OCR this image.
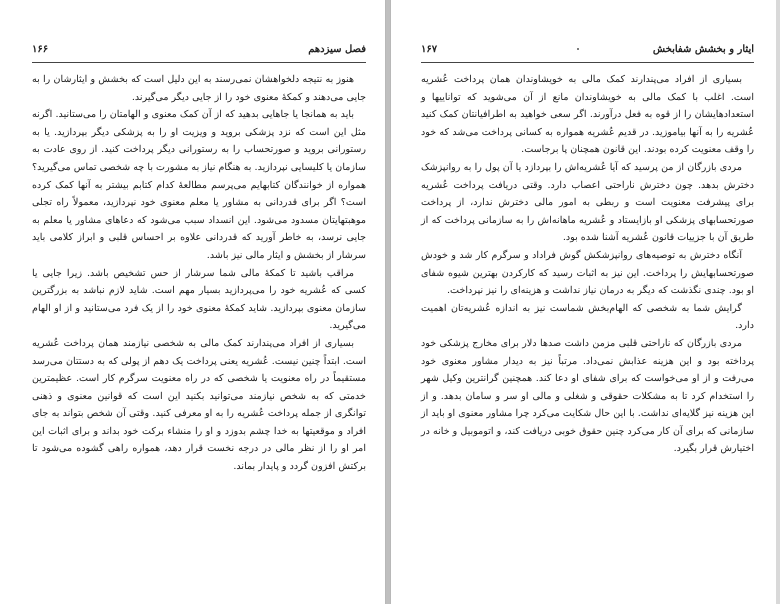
فصل سیزدهم
۱۶۶

هنوز به نتیجه دلخواهشان نمی‌رسند به این دلیل است که بخشش و ایثارشان را به جایی می‌دهند و کمکهٔ معنوی خود را از جایی دیگر می‌گیرند.

باید به همانجا یا جاهایی بدهید که از آن کمک معنوی و الهامتان را می‌ستانید. اگرنه مثل این است که نزد پزشکی بروید و ویزیت او را به پزشکی دیگر بپردازید. یا به رستورانی بروید و صورتحساب را به رستورانی دیگر پرداخت کنید. از روی عادت به سازمان یا کلیسایی نپردازید. به هنگام نیاز به مشورت با چه شخصی تماس می‌گیرید؟ همواره از خوانندگان کتابهایم می‌پرسم مطالعهٔ کدام کتابم بیشتر به آنها کمک کرده است؟ اگر برای قدردانی به مشاور یا معلم معنوی خود نپردازید، معمولاً راه تجلی موهبتهایتان مسدود می‌شود. این انسداد سبب می‌شود که دعاهای مشاور یا معلم به جایی نرسد، به خاطر آورید که قدردانی علاوه بر احساس قلبی و ابراز کلامی باید سرشار از بخشش و ایثار مالی نیز باشد.

مراقب باشید تا کمکهٔ مالی شما سرشار از حس تشخیص باشد. زیرا جایی یا کسی که عُشریه خود را می‌پردازید بسیار مهم است. شاید لازم نباشد به بزرگترین سازمان معنوی بپردازید. شاید کمکهٔ معنوی خود را از یک فرد می‌ستانید و از او الهام می‌گیرید.

بسیاری از افراد می‌پندارند کمک مالی به شخصی نیازمند همان پرداخت عُشریه است. ابتداً چنین نیست. عُشریه یعنی پرداخت یک دهم از پولی که به دستتان می‌رسد مستقیماً در راه معنویت یا شخصی که در راه معنویت سرگرم کار است. عظیمترین خدمتی که به شخص نیازمند می‌توانید بکنید این است که قوانین معنوی و ذهنی توانگری از جمله پرداخت عُشریه را به او معرفی کنید. وقتی آن شخص بتواند به جای افراد و موقعیتها به خدا چشم بدوزد و او را منشاء برکت خود بداند و برای اثبات این امر او را از نظر مالی در درجه نخست قرار دهد، همواره راهی گشوده می‌شود تا برکتش افزون گردد و پایدار بماند.

ایثار و بخشش شفابخش
۱۶۷

بسیاری از افراد می‌پندارند کمک مالی به خویشاوندان همان پرداخت عُشریه است. اغلب با کمک مالی به خویشاوندان مانع از آن می‌شوید که تواناییها و استعدادهایشان را از قوه به فعل درآورند. اگر سعی خواهید به اطرافیانتان کمک کنید عُشریه را به آنها بیاموزید. در قدیم عُشریه همواره به کسانی پرداخت می‌شد که خود را وقف معنویت کرده بودند. این قانون همچنان پا برجاست.

مردی بازرگان از من پرسید که آیا عُشریه‌اش را بپردازد یا آن پول را به روانپزشک دخترش بدهد. چون دخترش ناراحتی اعصاب دارد. وقتی دریافت پرداخت عُشریه برای پیشرفت معنویت است و ربطی به امور مالی دخترش ندارد، از پرداخت صورتحسابهای پزشکی او بازایستاد و عُشریه ماهانه‌اش را به سازمانی پرداخت که از طریق آن با جزییات قانون عُشریه آشنا شده بود.

آنگاه دخترش به توصیه‌های روانپزشکش گوش فراداد و سرگرم کار شد و خودش صورتحسابهایش را پرداخت. این نیز به اثبات رسید که کارکردن بهترین شیوه شفای او بود. چندی نگذشت که دیگر به درمان نیاز نداشت و هزینه‌ای را نیز نپرداخت.

گرایش شما به شخصی که الهام‌بخش شماست نیز به اندازه عُشریه‌تان اهمیت دارد.

مردی بازرگان که ناراحتی قلبی مزمن داشت صدها دلار برای مخارج پزشکی خود پرداخته بود و این هزینه عذابش نمی‌داد. مرتباً نیز به دیدار مشاور معنوی خود می‌رفت و از او می‌خواست که برای شفای او دعا کند. همچنین گرانترین وکیل شهر را استخدام کرد تا به مشکلات حقوقی و شغلی و مالی او سر و سامان بدهد. و از این هزینه نیز گلایه‌ای نداشت. با این حال شکایت می‌کرد چرا مشاور معنوی او باید از سازمانی که برای آن کار می‌کرد چنین حقوق خوبی دریافت کند، و اتوموبیل و خانه در اختیارش قرار بگیرد.
